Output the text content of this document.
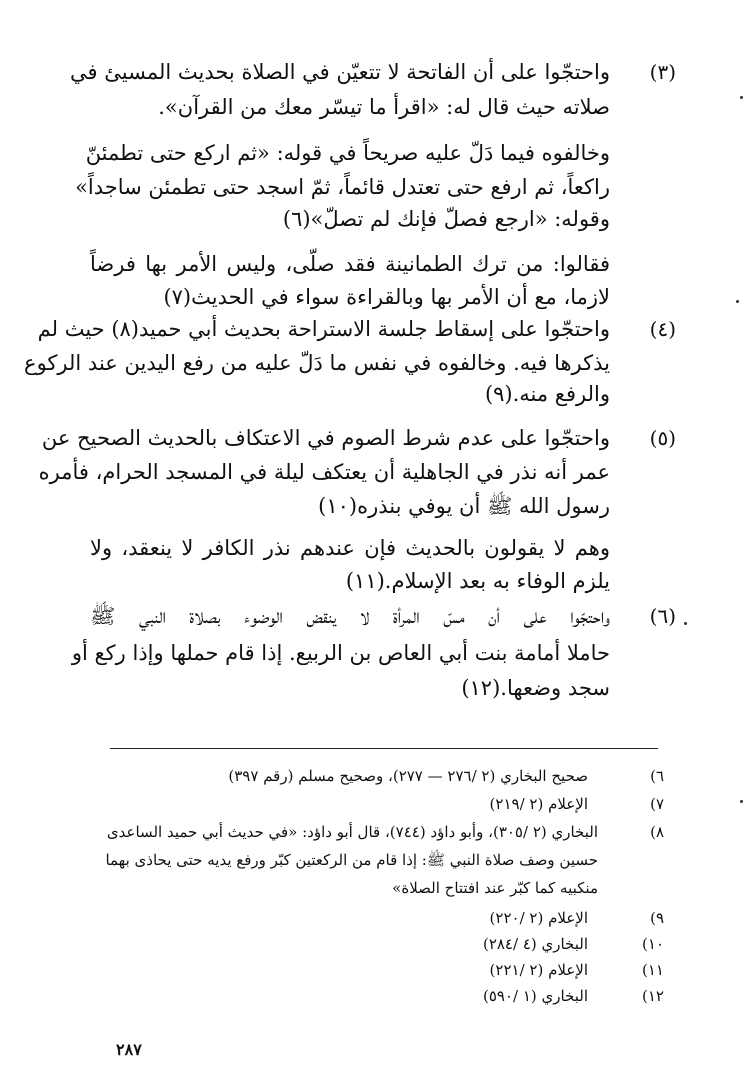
(٣)
واحتجّوا على أن الفاتحة لا تتعيّن في الصلاة بحديث المسيئ في
صلاته حيث قال له: «اقرأ ما تيسّر معك من القرآن».
وخالفوه فيما دَلّ عليه صريحاً في قوله: «ثم اركع حتى تطمئنّ
راكعاً، ثم ارفع حتى تعتدل قائماً، ثمّ اسجد حتى تطمئن ساجداً»
وقوله: «ارجع فصلّ فإنك لم تصلّ»(٦)
فقالوا: من ترك الطمانينة فقد صلّى، وليس الأمر بها فرضاً
لازما، مع أن الأمر بها وبالقراءة سواء في الحديث(٧)
(٤)
واحتجّوا على إسقاط جلسة الاستراحة بحديث أبي حميد(٨) حيث لم
يذكرها فيه. وخالفوه في نفس ما دَلّ عليه من رفع اليدين عند الركوع
والرفع منه.(٩)
(٥)
واحتجّوا على عدم شرط الصوم في الاعتكاف بالحديث الصحيح عن
عمر أنه نذر في الجاهلية أن يعتكف ليلة في المسجد الحرام، فأمره
رسول الله ﷺ أن يوفي بنذره(١٠)
وهم لا يقولون بالحديث فإن عندهم نذر الكافر لا ينعقد، ولا
يلزم الوفاء به بعد الإسلام.(١١)
(٦)
واحتجّوا على أن مسّ المرأة لا ينقض الوضوء بصلاة النبي ﷺ
حاملا أمامة بنت أبي العاص بن الربيع. إذا قام حملها وإذا ركع أو
سجد وضعها.(١٢)
٦)
صحيح البخاري (٢ /٢٧٦ — ٢٧٧)، وصحيح مسلم (رقم ٣٩٧)
٧)
الإعلام (٢ /٢١٩)
٨)
البخاري (٢ /٣٠٥)، وأبو داؤد (٧٤٤)، قال أبو داؤد: «في حديث أبي حميد الساعدى
حسين وصف صلاة النبي ﷺ: إذا قام من الركعتين كبّر ورفع يديه حتى يحاذى بهما
منكبيه كما كبّر عند افتتاح الصلاة»
٩)
الإعلام (٢ /٢٢٠)
١٠)
البخاري (٤ /٢٨٤)
١١)
الإعلام (٢ /٢٢١)
١٢)
البخاري (١ /٥٩٠)
٢٨٧
